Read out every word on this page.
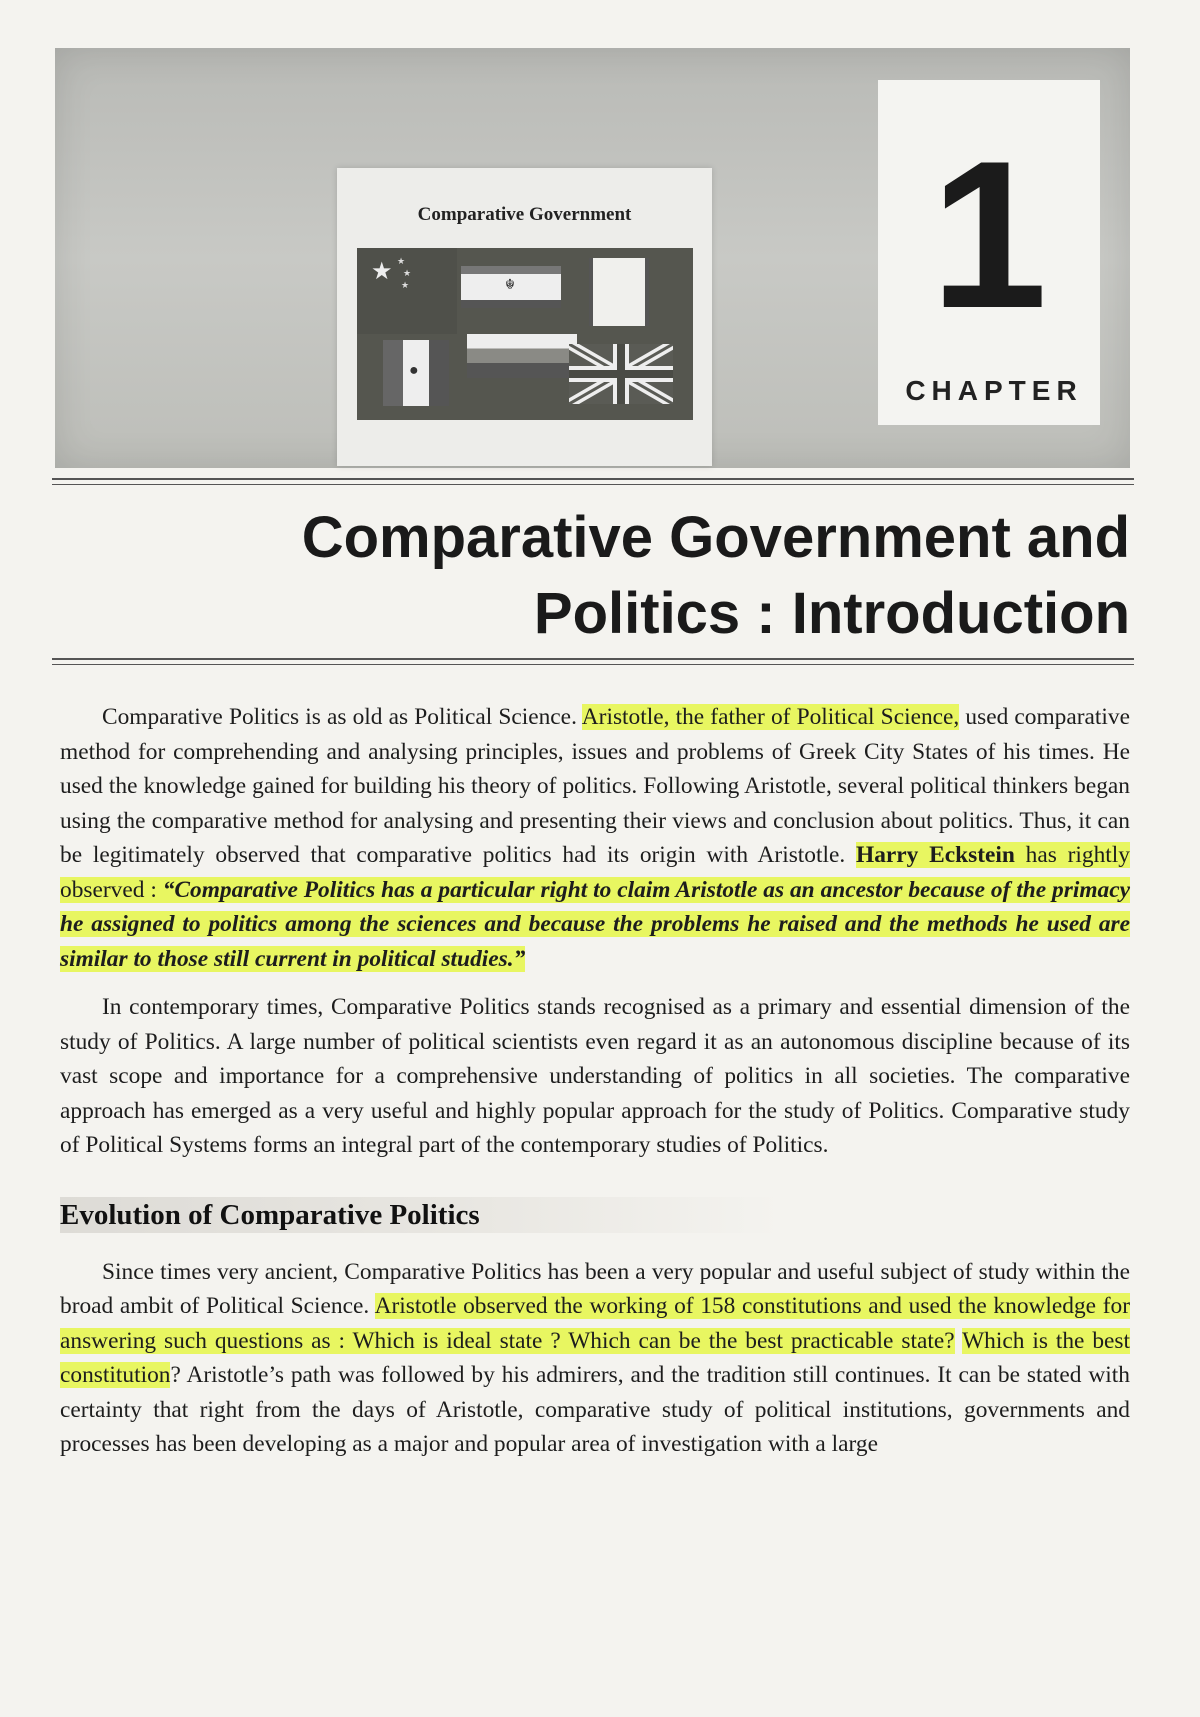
Comparative Government
★ ★
★
★	☬
●
1
CHAPTER
Comparative Government and
Politics : Introduction

Comparative Politics is as old as Political Science. Aristotle, the father of Political Science, used comparative method for comprehending and analysing principles, issues and problems of Greek City States of his times. He used the knowledge gained for building his theory of politics. Following Aristotle, several political thinkers began using the comparative method for analysing and presenting their views and conclusion about politics. Thus, it can be legitimately observed that comparative politics had its origin with Aristotle. Harry Eckstein has rightly observed : “Comparative Politics has a particular right to claim Aristotle as an ancestor because of the primacy he assigned to politics among the sciences and because the problems he raised and the methods he used are similar to those still current in political studies.”

In contemporary times, Comparative Politics stands recognised as a primary and essential dimension of the study of Politics. A large number of political scientists even regard it as an autonomous discipline because of its vast scope and importance for a comprehensive understanding of politics in all societies. The comparative approach has emerged as a very useful and highly popular approach for the study of Politics. Comparative study of Political Systems forms an integral part of the contemporary studies of Politics.

Evolution of Comparative Politics

Since times very ancient, Comparative Politics has been a very popular and useful subject of study within the broad ambit of Political Science. Aristotle observed the working of 158 constitutions and used the knowledge for answering such questions as : Which is ideal state ? Which can be the best practicable state? Which is the best constitution? Aristotle’s path was followed by his admirers, and the tradition still continues. It can be stated with certainty that right from the days of Aristotle, comparative study of political institutions, governments and processes has been developing as a major and popular area of investigation with a large
